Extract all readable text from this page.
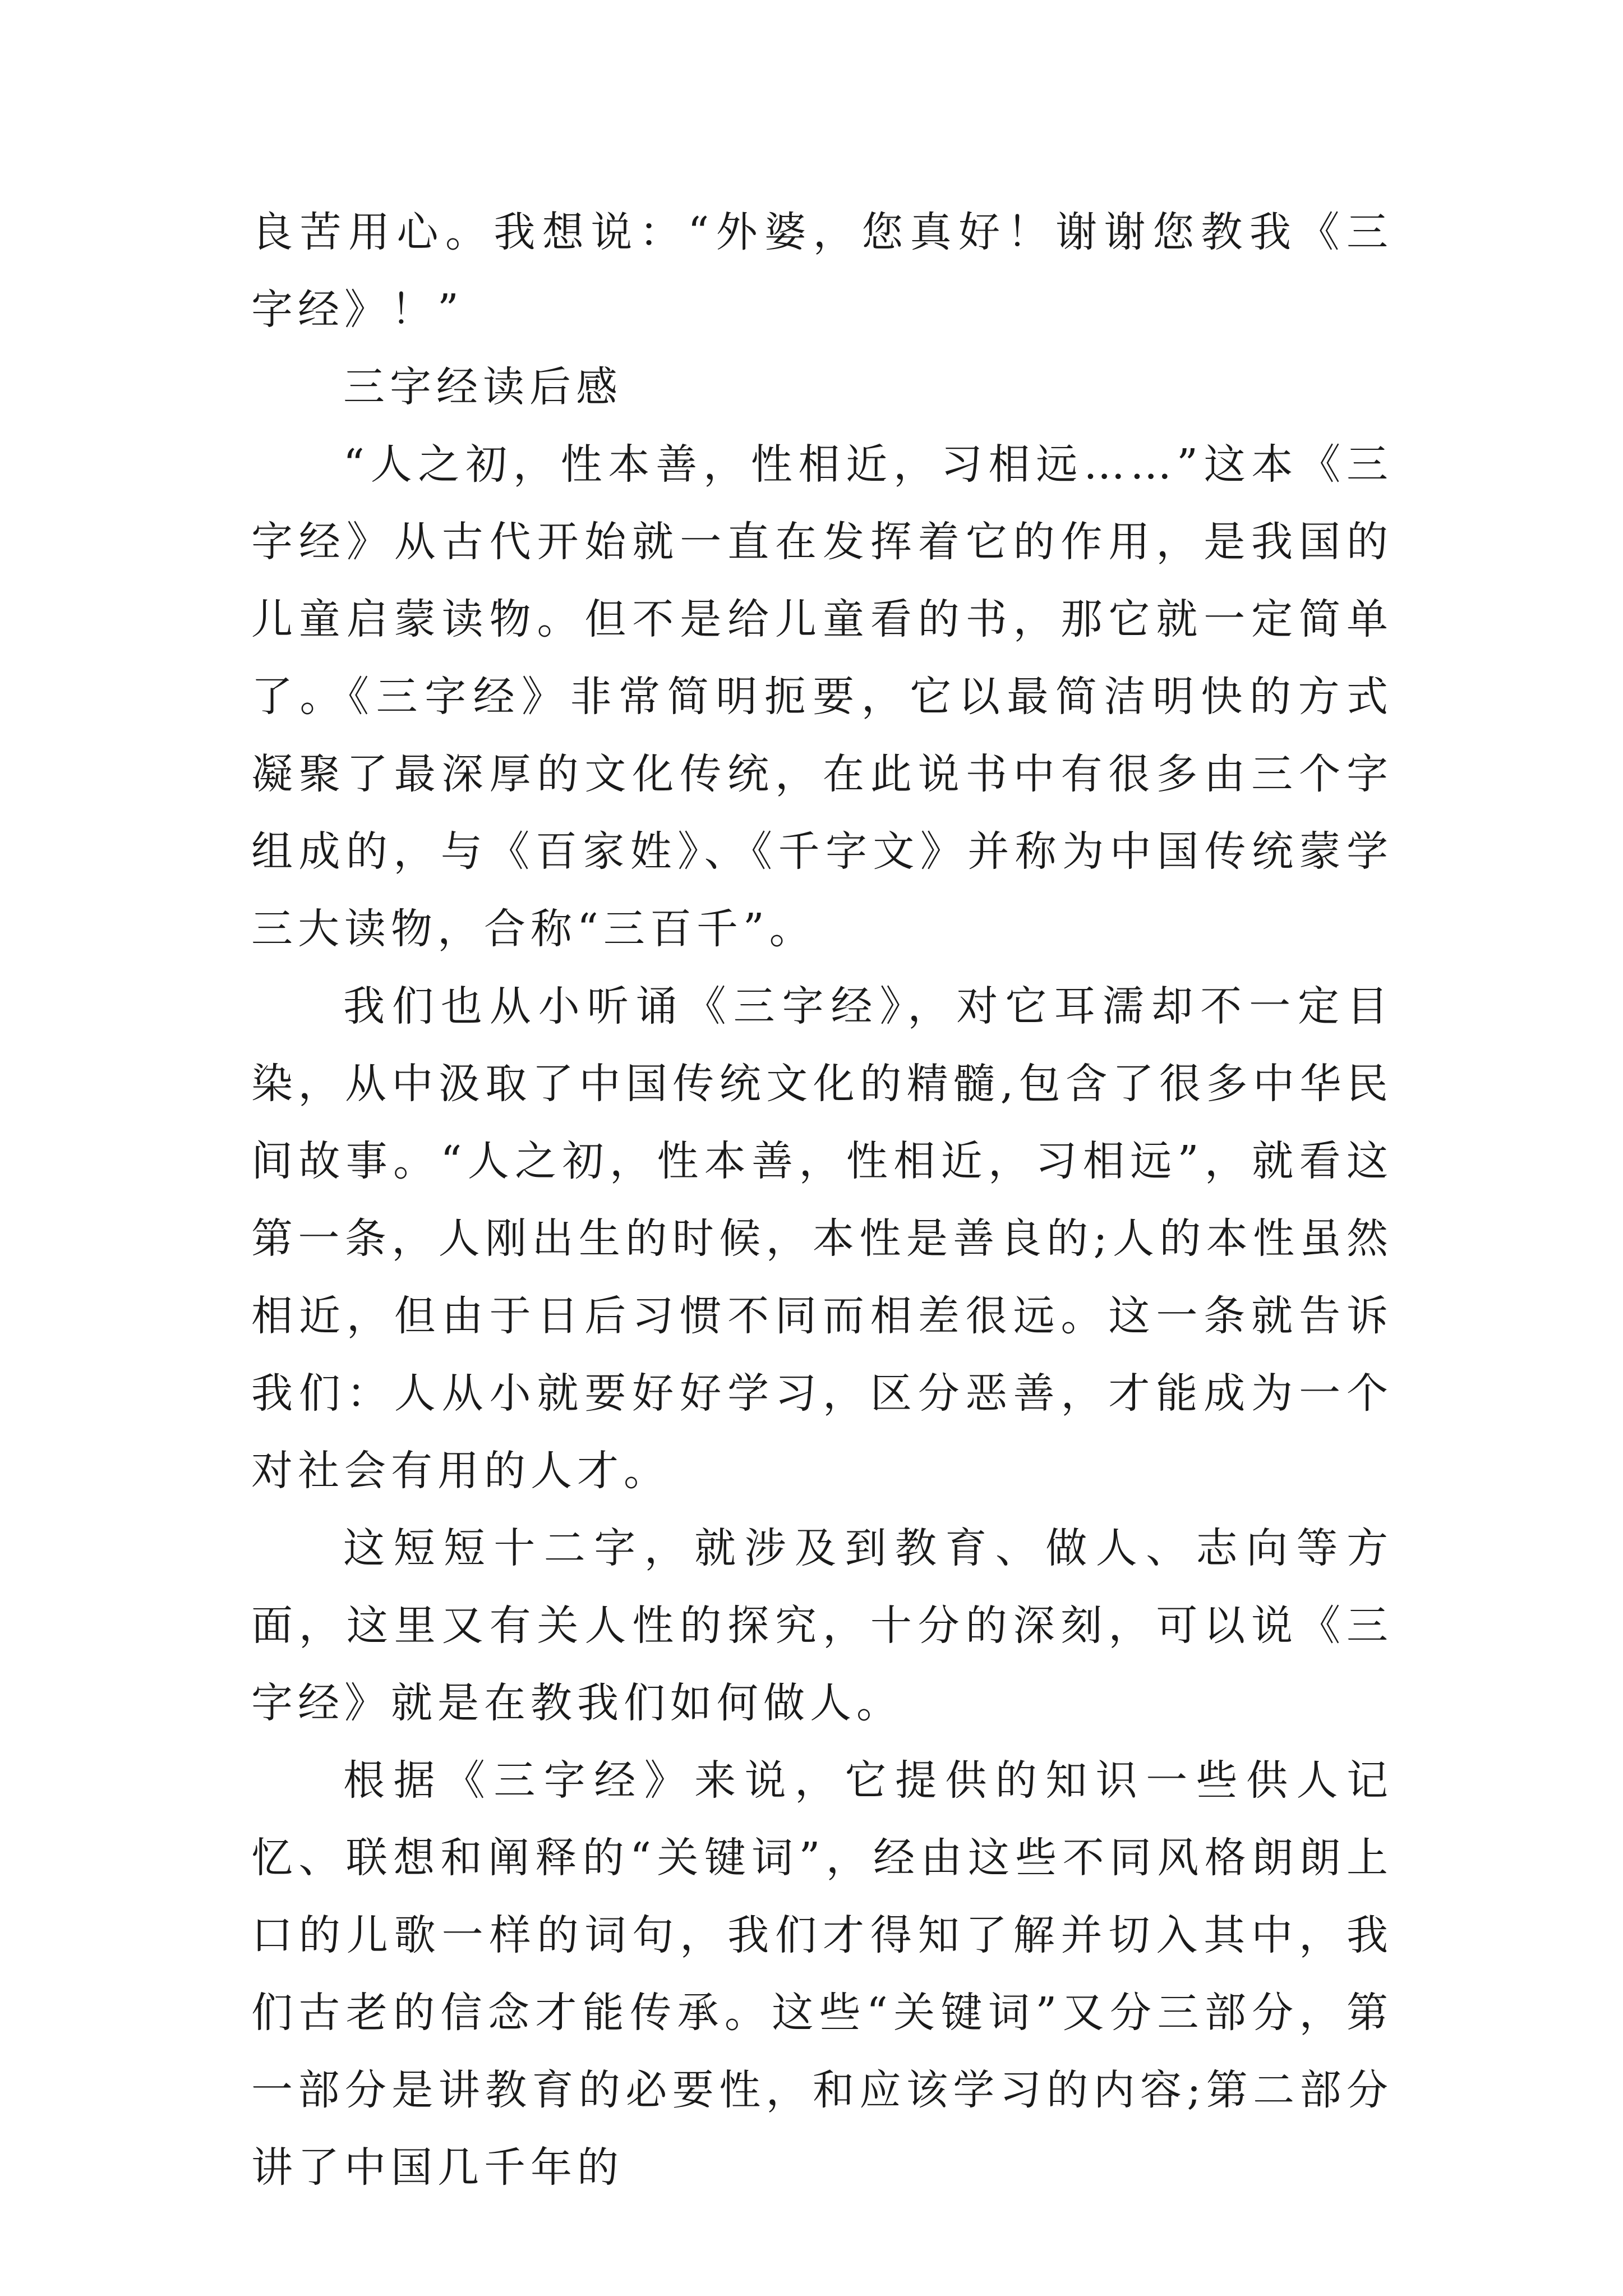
良苦用心。我想说：“外婆，您真好！谢谢您教我《三字经》！”

三字经读后感

“人之初，性本善，性相近，习相远……”这本《三字经》从古代开始就一直在发挥着它的作用，是我国的儿童启蒙读物。但不是给儿童看的书，那它就一定简单了。《三字经》非常简明扼要，它以最简洁明快的方式凝聚了最深厚的文化传统，在此说书中有很多由三个字组成的，与《百家姓》、《千字文》并称为中国传统蒙学三大读物，合称“三百千”。

我们也从小听诵《三字经》，对它耳濡却不一定目染，从中汲取了中国传统文化的精髓,包含了很多中华民间故事。“人之初，性本善，性相近，习相远”，就看这第一条，人刚出生的时候，本性是善良的;人的本性虽然相近，但由于日后习惯不同而相差很远。这一条就告诉我们：人从小就要好好学习，区分恶善，才能成为一个对社会有用的人才。

这短短十二字，就涉及到教育、做人、志向等方面，这里又有关人性的探究，十分的深刻，可以说《三字经》就是在教我们如何做人。

根据《三字经》来说，它提供的知识一些供人记忆、联想和阐释的“关键词”，经由这些不同风格朗朗上口的儿歌一样的词句，我们才得知了解并切入其中，我们古老的信念才能传承。这些“关键词”又分三部分，第一部分是讲教育的必要性，和应该学习的内容;第二部分讲了中国几千年的
